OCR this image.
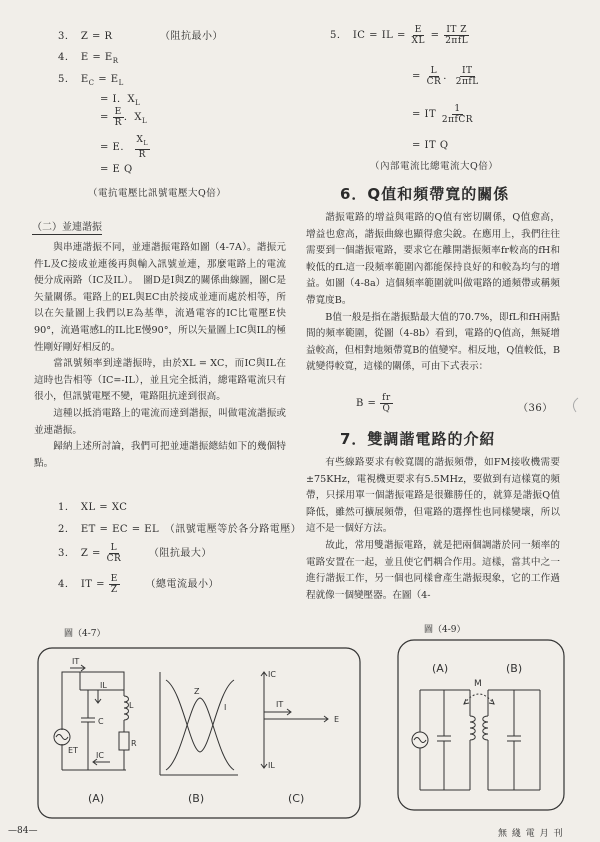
3．　Z = R	（阻抗最小）
4．　$E = E_R$
5．　$E_C = E_L$
= I．$X_L$
= $\frac{E}{R}$ ．$X_L$
= E． $\frac{X_L}{R}$
= E Q
（電抗電壓比訊號電壓大Q倍）
（二）並連諧振

與串連諧振不同，並連諧振電路如圖（4-7A）。諧振元件L及C接成並連後再與輸入訊號並連，那麼電路上的電流便分成兩路（IC及IL）。　圖D是I與Z的關係曲線圖，圖C是矢量關係。電路上的EL與EC由於接成並連而處於相等，所以在矢量圖上我們以E為基準，流過電容的IC比電壓E快90°，流過電感L的IL比E慢90°，所以矢量圖上IC與IL的極性剛好剛好相反的。

當訊號頻率到達諧振時，由於XL = XC，而IC與IL在這時也告相等（IC=-IL），並且完全抵消，總電路電流只有很小，但訊號電壓不變，電路阻抗達到很高。

這種以抵消電路上的電流而達到諧振，叫做電流諧振或並連諧振。

歸納上述所討論，我們可把並連諧振總結如下的幾個特點。

1．　XL = XC
2．　ET = EC = EL　（訊號電壓等於各分路電壓）
3．　$Z = \frac{L}{CR}$	（阻抗最大）
4．　IT = $\frac{E}{Z}$	（總電流最小）
5．　IC = IL = $\frac{E}{XL}$ = IT Z
2πfL
= $\frac{L}{CR}$ ． IT
2πfL
= IT 1
2πfCR
= IT Q
（內部電流比總電流大Q倍）
6．Q值和頻帶寬的關係

諧振電路的增益與電路的Q值有密切關係，Q值愈高，增益也愈高，諧振曲線也顯得愈尖銳。在應用上，我們往往需要到一個諧振電路，要求它在離開諧振頻率fr較高的fH和較低的fL這一段頻率範圍內都能保持良好的和較為均勻的增益。如圖（4-8a）這個頻率範圍就叫做電路的通頻帶或稱頻帶寬度B。

B值一般是指在諧振點最大值的70.7%，即fL和fH兩點間的頻率範圍，從圖（4-8b）看到，電路的Q值高，無疑增益較高，但相對地頻帶寬B的值變窄。相反地，Q值較低，B就變得較寬，這樣的關係，可由下式表示：

$B = \frac{fr}{Q}$	（36）
7．雙調諧電路的介紹

有些線路要求有較寬闊的諧振頻帶，如FM接收機需要±75KHz，電視機更要求有5.5MHz，要做到有這樣寬的頻帶，只採用單一個諧振電路是很難勝任的，就算是諧振Q值降低，雖然可擴展頻帶，但電路的選擇性也同樣變壞，所以這不是一個好方法。

故此，常用雙諧振電路，就是把兩個調諧於同一頻率的電路安置在一起，並且使它們耦合作用。這樣，當其中之一進行諧振工作，另一個也同樣會產生諧振現象，它的工作過程就像一個變壓器。在圖（4-

圖（4-7）	圖（4-9）
IT
IL
IC
L
C
R
ET
(A)
Z
I
(B)
IC
IT
E
IL
(C)
(A)	(B)
M
—84—	無 綫 電 月 刊
